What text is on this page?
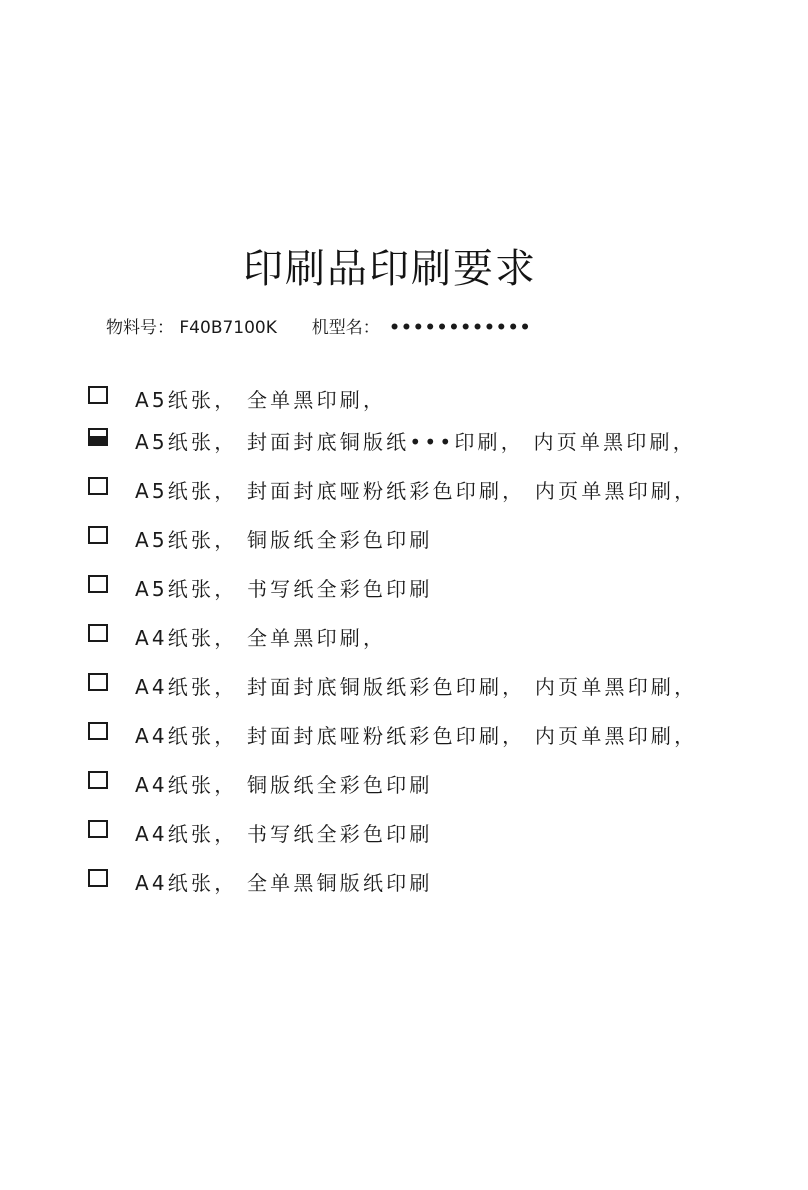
印刷品印刷要求
物料号： F40B7100K 机型名： ••••••••••••
A5纸张， 全单黑印刷，
A5纸张， 封面封底铜版纸•••印刷， 内页单黑印刷，
A5纸张， 封面封底哑粉纸彩色印刷， 内页单黑印刷，
A5纸张， 铜版纸全彩色印刷
A5纸张， 书写纸全彩色印刷
A4纸张， 全单黑印刷，
A4纸张， 封面封底铜版纸彩色印刷， 内页单黑印刷，
A4纸张， 封面封底哑粉纸彩色印刷， 内页单黑印刷，
A4纸张， 铜版纸全彩色印刷
A4纸张， 书写纸全彩色印刷
A4纸张， 全单黑铜版纸印刷
